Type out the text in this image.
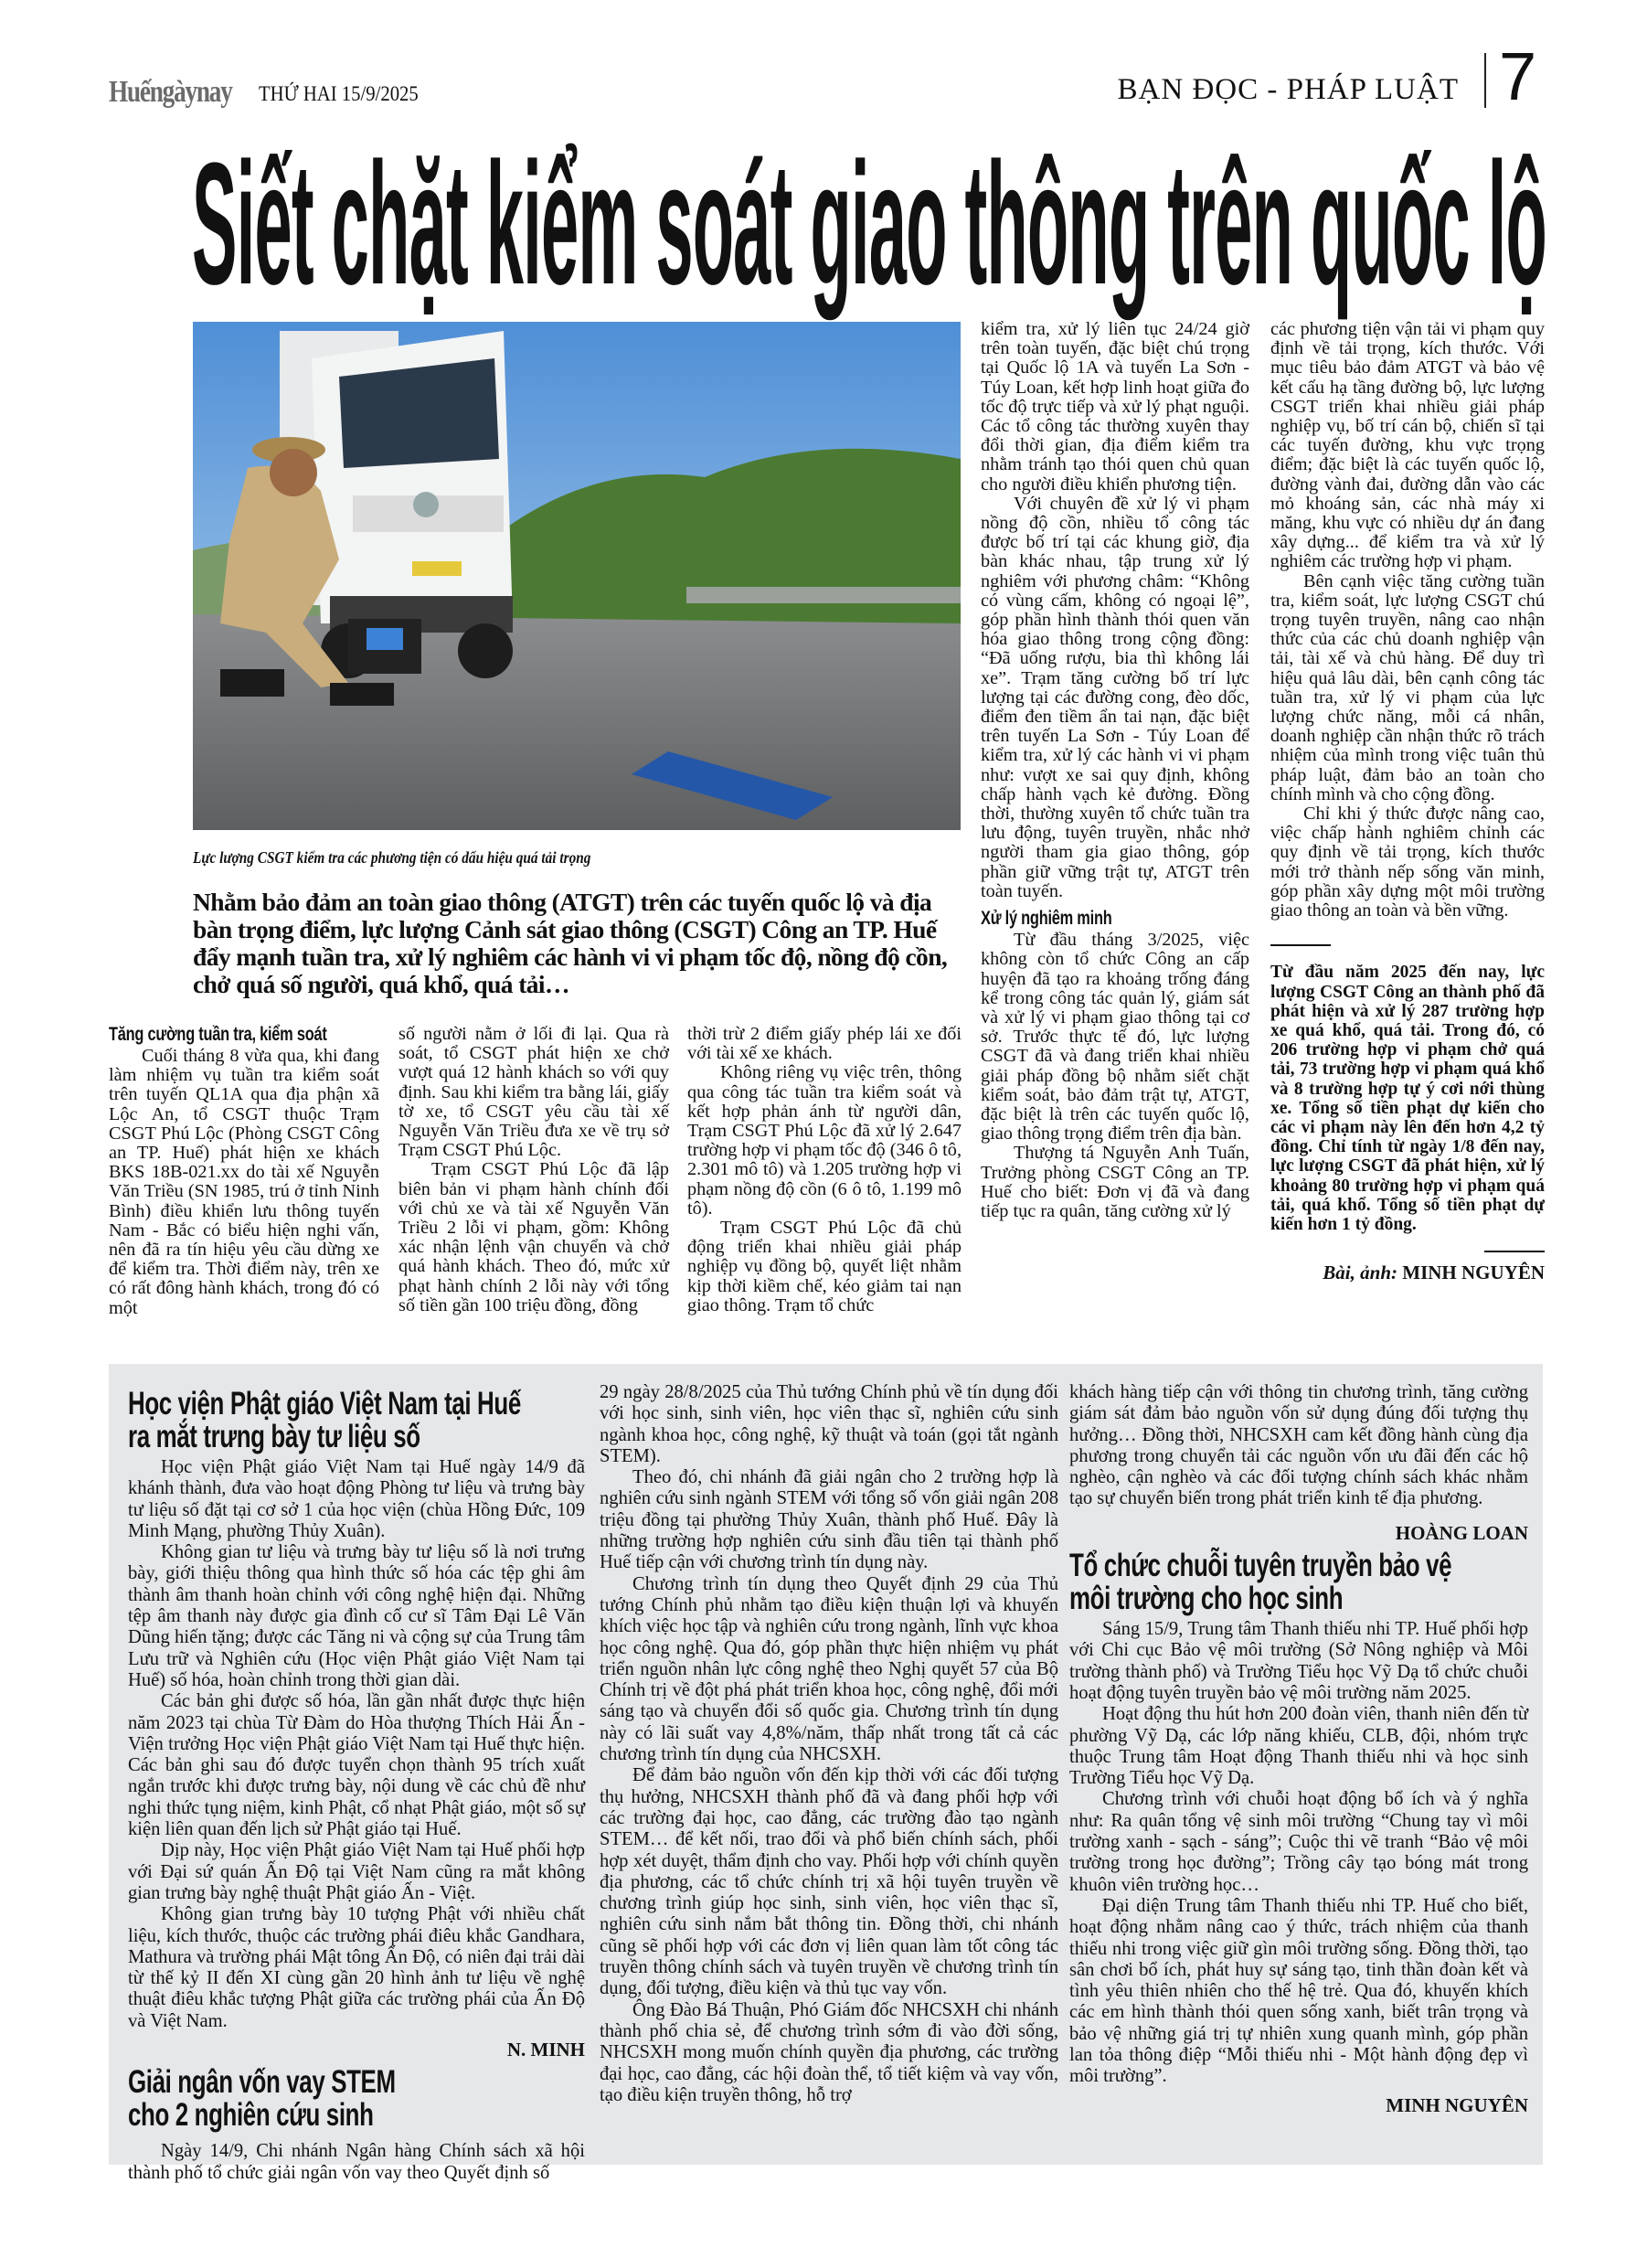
Huếngàynay THỨ HAI 15/9/2025	BẠN ĐỌC - PHÁP LUẬT 7
Siết chặt kiểm soát giao thông trên quốc lộ
Lực lượng CSGT kiểm tra các phương tiện có dấu hiệu quá tải trọng
Nhằm bảo đảm an toàn giao thông (ATGT) trên các tuyến quốc lộ và địa bàn trọng điểm, lực lượng Cảnh sát giao thông (CSGT) Công an TP. Huế đẩy mạnh tuần tra, xử lý nghiêm các hành vi vi phạm tốc độ, nồng độ cồn, chở quá số người, quá khổ, quá tải…
Tăng cường tuần tra, kiểm soát

Cuối tháng 8 vừa qua, khi đang làm nhiệm vụ tuần tra kiểm soát trên tuyến QL1A qua địa phận xã Lộc An, tổ CSGT thuộc Trạm CSGT Phú Lộc (Phòng CSGT Công an TP. Huế) phát hiện xe khách BKS 18B-021.xx do tài xế Nguyễn Văn Triều (SN 1985, trú ở tỉnh Ninh Bình) điều khiển lưu thông tuyến Nam - Bắc có biểu hiện nghi vấn, nên đã ra tín hiệu yêu cầu dừng xe để kiểm tra. Thời điểm này, trên xe có rất đông hành khách, trong đó có một

số người nằm ở lối đi lại. Qua rà soát, tổ CSGT phát hiện xe chở vượt quá 12 hành khách so với quy định. Sau khi kiểm tra bằng lái, giấy tờ xe, tổ CSGT yêu cầu tài xế Nguyễn Văn Triều đưa xe về trụ sở Trạm CSGT Phú Lộc.

Trạm CSGT Phú Lộc đã lập biên bản vi phạm hành chính đối với chủ xe và tài xế Nguyễn Văn Triều 2 lỗi vi phạm, gồm: Không xác nhận lệnh vận chuyển và chở quá hành khách. Theo đó, mức xử phạt hành chính 2 lỗi này với tổng số tiền gần 100 triệu đồng, đồng

thời trừ 2 điểm giấy phép lái xe đối với tài xế xe khách.

Không riêng vụ việc trên, thông qua công tác tuần tra kiểm soát và kết hợp phản ánh từ người dân, Trạm CSGT Phú Lộc đã xử lý 2.647 trường hợp vi phạm tốc độ (346 ô tô, 2.301 mô tô) và 1.205 trường hợp vi phạm nồng độ cồn (6 ô tô, 1.199 mô tô).

Trạm CSGT Phú Lộc đã chủ động triển khai nhiều giải pháp nghiệp vụ đồng bộ, quyết liệt nhằm kịp thời kiềm chế, kéo giảm tai nạn giao thông. Trạm tổ chức

kiểm tra, xử lý liên tục 24/24 giờ trên toàn tuyến, đặc biệt chú trọng tại Quốc lộ 1A và tuyến La Sơn - Túy Loan, kết hợp linh hoạt giữa đo tốc độ trực tiếp và xử lý phạt nguội. Các tổ công tác thường xuyên thay đổi thời gian, địa điểm kiểm tra nhằm tránh tạo thói quen chủ quan cho người điều khiển phương tiện.

Với chuyên đề xử lý vi phạm nồng độ cồn, nhiều tổ công tác được bố trí tại các khung giờ, địa bàn khác nhau, tập trung xử lý nghiêm với phương châm: “Không có vùng cấm, không có ngoại lệ”, góp phần hình thành thói quen văn hóa giao thông trong cộng đồng: “Đã uống rượu, bia thì không lái xe”. Trạm tăng cường bố trí lực lượng tại các đường cong, đèo dốc, điểm đen tiềm ẩn tai nạn, đặc biệt trên tuyến La Sơn - Túy Loan để kiểm tra, xử lý các hành vi vi phạm như: vượt xe sai quy định, không chấp hành vạch kẻ đường. Đồng thời, thường xuyên tổ chức tuần tra lưu động, tuyên truyền, nhắc nhở người tham gia giao thông, góp phần giữ vững trật tự, ATGT trên toàn tuyến.

Xử lý nghiêm minh

Từ đầu tháng 3/2025, việc không còn tổ chức Công an cấp huyện đã tạo ra khoảng trống đáng kể trong công tác quản lý, giám sát và xử lý vi phạm giao thông tại cơ sở. Trước thực tế đó, lực lượng CSGT đã và đang triển khai nhiều giải pháp đồng bộ nhằm siết chặt kiểm soát, bảo đảm trật tự, ATGT, đặc biệt là trên các tuyến quốc lộ, giao thông trọng điểm trên địa bàn.

Thượng tá Nguyễn Anh Tuấn, Trưởng phòng CSGT Công an TP. Huế cho biết: Đơn vị đã và đang tiếp tục ra quân, tăng cường xử lý

các phương tiện vận tải vi phạm quy định về tải trọng, kích thước. Với mục tiêu bảo đảm ATGT và bảo vệ kết cấu hạ tầng đường bộ, lực lượng CSGT triển khai nhiều giải pháp nghiệp vụ, bố trí cán bộ, chiến sĩ tại các tuyến đường, khu vực trọng điểm; đặc biệt là các tuyến quốc lộ, đường vành đai, đường dẫn vào các mỏ khoáng sản, các nhà máy xi măng, khu vực có nhiều dự án đang xây dựng... để kiểm tra và xử lý nghiêm các trường hợp vi phạm.

Bên cạnh việc tăng cường tuần tra, kiểm soát, lực lượng CSGT chú trọng tuyên truyền, nâng cao nhận thức của các chủ doanh nghiệp vận tải, tài xế và chủ hàng. Để duy trì hiệu quả lâu dài, bên cạnh công tác tuần tra, xử lý vi phạm của lực lượng chức năng, mỗi cá nhân, doanh nghiệp cần nhận thức rõ trách nhiệm của mình trong việc tuân thủ pháp luật, đảm bảo an toàn cho chính mình và cho cộng đồng.

Chỉ khi ý thức được nâng cao, việc chấp hành nghiêm chỉnh các quy định về tải trọng, kích thước mới trở thành nếp sống văn minh, góp phần xây dựng một môi trường giao thông an toàn và bền vững.

Từ đầu năm 2025 đến nay, lực lượng CSGT Công an thành phố đã phát hiện và xử lý 287 trường hợp xe quá khổ, quá tải. Trong đó, có 206 trường hợp vi phạm chở quá tải, 73 trường hợp vi phạm quá khổ và 8 trường hợp tự ý cơi nới thùng xe. Tổng số tiền phạt dự kiến cho các vi phạm này lên đến hơn 4,2 tỷ đồng. Chỉ tính từ ngày 1/8 đến nay, lực lượng CSGT đã phát hiện, xử lý khoảng 80 trường hợp vi phạm quá tải, quá khổ. Tổng số tiền phạt dự kiến hơn 1 tỷ đồng.
Bài, ảnh: MINH NGUYÊN
Học viện Phật giáo Việt Nam tại Huế
ra mắt trưng bày tư liệu số

Học viện Phật giáo Việt Nam tại Huế ngày 14/9 đã khánh thành, đưa vào hoạt động Phòng tư liệu và trưng bày tư liệu số đặt tại cơ sở 1 của học viện (chùa Hồng Đức, 109 Minh Mạng, phường Thủy Xuân).

Không gian tư liệu và trưng bày tư liệu số là nơi trưng bày, giới thiệu thông qua hình thức số hóa các tệp ghi âm thành âm thanh hoàn chỉnh với công nghệ hiện đại. Những tệp âm thanh này được gia đình cố cư sĩ Tâm Đại Lê Văn Dũng hiến tặng; được các Tăng ni và cộng sự của Trung tâm Lưu trữ và Nghiên cứu (Học viện Phật giáo Việt Nam tại Huế) số hóa, hoàn chỉnh trong thời gian dài.

Các bản ghi được số hóa, lần gần nhất được thực hiện năm 2023 tại chùa Từ Đàm do Hòa thượng Thích Hải Ấn - Viện trưởng Học viện Phật giáo Việt Nam tại Huế thực hiện. Các bản ghi sau đó được tuyển chọn thành 95 trích xuất ngắn trước khi được trưng bày, nội dung về các chủ đề như nghi thức tụng niệm, kinh Phật, cổ nhạt Phật giáo, một số sự kiện liên quan đến lịch sử Phật giáo tại Huế.

Dịp này, Học viện Phật giáo Việt Nam tại Huế phối hợp với Đại sứ quán Ấn Độ tại Việt Nam cũng ra mắt không gian trưng bày nghệ thuật Phật giáo Ấn - Việt.

Không gian trưng bày 10 tượng Phật với nhiều chất liệu, kích thước, thuộc các trường phái điêu khắc Gandhara, Mathura và trường phái Mật tông Ấn Độ, có niên đại trải dài từ thế kỷ II đến XI cùng gần 20 hình ảnh tư liệu về nghệ thuật điêu khắc tượng Phật giữa các trường phái của Ấn Độ và Việt Nam.

N. MINH
Giải ngân vốn vay STEM
cho 2 nghiên cứu sinh

Ngày 14/9, Chi nhánh Ngân hàng Chính sách xã hội thành phố tổ chức giải ngân vốn vay theo Quyết định số

29 ngày 28/8/2025 của Thủ tướng Chính phủ về tín dụng đối với học sinh, sinh viên, học viên thạc sĩ, nghiên cứu sinh ngành khoa học, công nghệ, kỹ thuật và toán (gọi tắt ngành STEM).

Theo đó, chi nhánh đã giải ngân cho 2 trường hợp là nghiên cứu sinh ngành STEM với tổng số vốn giải ngân 208 triệu đồng tại phường Thủy Xuân, thành phố Huế. Đây là những trường hợp nghiên cứu sinh đầu tiên tại thành phố Huế tiếp cận với chương trình tín dụng này.

Chương trình tín dụng theo Quyết định 29 của Thủ tướng Chính phủ nhằm tạo điều kiện thuận lợi và khuyến khích việc học tập và nghiên cứu trong ngành, lĩnh vực khoa học công nghệ. Qua đó, góp phần thực hiện nhiệm vụ phát triển nguồn nhân lực công nghệ theo Nghị quyết 57 của Bộ Chính trị về đột phá phát triển khoa học, công nghệ, đổi mới sáng tạo và chuyển đổi số quốc gia. Chương trình tín dụng này có lãi suất vay 4,8%/năm, thấp nhất trong tất cả các chương trình tín dụng của NHCSXH.

Để đảm bảo nguồn vốn đến kịp thời với các đối tượng thụ hưởng, NHCSXH thành phố đã và đang phối hợp với các trường đại học, cao đẳng, các trường đào tạo ngành STEM… để kết nối, trao đổi và phổ biến chính sách, phối hợp xét duyệt, thẩm định cho vay. Phối hợp với chính quyền địa phương, các tổ chức chính trị xã hội tuyên truyền về chương trình giúp học sinh, sinh viên, học viên thạc sĩ, nghiên cứu sinh nắm bắt thông tin. Đồng thời, chi nhánh cũng sẽ phối hợp với các đơn vị liên quan làm tốt công tác truyền thông chính sách và tuyên truyền về chương trình tín dụng, đối tượng, điều kiện và thủ tục vay vốn.

Ông Đào Bá Thuận, Phó Giám đốc NHCSXH chi nhánh thành phố chia sẻ, để chương trình sớm đi vào đời sống, NHCSXH mong muốn chính quyền địa phương, các trường đại học, cao đẳng, các hội đoàn thể, tổ tiết kiệm và vay vốn, tạo điều kiện truyền thông, hỗ trợ

khách hàng tiếp cận với thông tin chương trình, tăng cường giám sát đảm bảo nguồn vốn sử dụng đúng đối tượng thụ hưởng… Đồng thời, NHCSXH cam kết đồng hành cùng địa phương trong chuyển tải các nguồn vốn ưu đãi đến các hộ nghèo, cận nghèo và các đối tượng chính sách khác nhằm tạo sự chuyển biến trong phát triển kinh tế địa phương.

HOÀNG LOAN
Tổ chức chuỗi tuyên truyền bảo vệ
môi trường cho học sinh

Sáng 15/9, Trung tâm Thanh thiếu nhi TP. Huế phối hợp với Chi cục Bảo vệ môi trường (Sở Nông nghiệp và Môi trường thành phố) và Trường Tiểu học Vỹ Dạ tổ chức chuỗi hoạt động tuyên truyền bảo vệ môi trường năm 2025.

Hoạt động thu hút hơn 200 đoàn viên, thanh niên đến từ phường Vỹ Dạ, các lớp năng khiếu, CLB, đội, nhóm trực thuộc Trung tâm Hoạt động Thanh thiếu nhi và học sinh Trường Tiểu học Vỹ Dạ.

Chương trình với chuỗi hoạt động bổ ích và ý nghĩa như: Ra quân tổng vệ sinh môi trường “Chung tay vì môi trường xanh - sạch - sáng”; Cuộc thi vẽ tranh “Bảo vệ môi trường trong học đường”; Trồng cây tạo bóng mát trong khuôn viên trường học…

Đại diện Trung tâm Thanh thiếu nhi TP. Huế cho biết, hoạt động nhằm nâng cao ý thức, trách nhiệm của thanh thiếu nhi trong việc giữ gìn môi trường sống. Đồng thời, tạo sân chơi bổ ích, phát huy sự sáng tạo, tinh thần đoàn kết và tình yêu thiên nhiên cho thế hệ trẻ. Qua đó, khuyến khích các em hình thành thói quen sống xanh, biết trân trọng và bảo vệ những giá trị tự nhiên xung quanh mình, góp phần lan tỏa thông điệp “Mỗi thiếu nhi - Một hành động đẹp vì môi trường”.

MINH NGUYÊN
